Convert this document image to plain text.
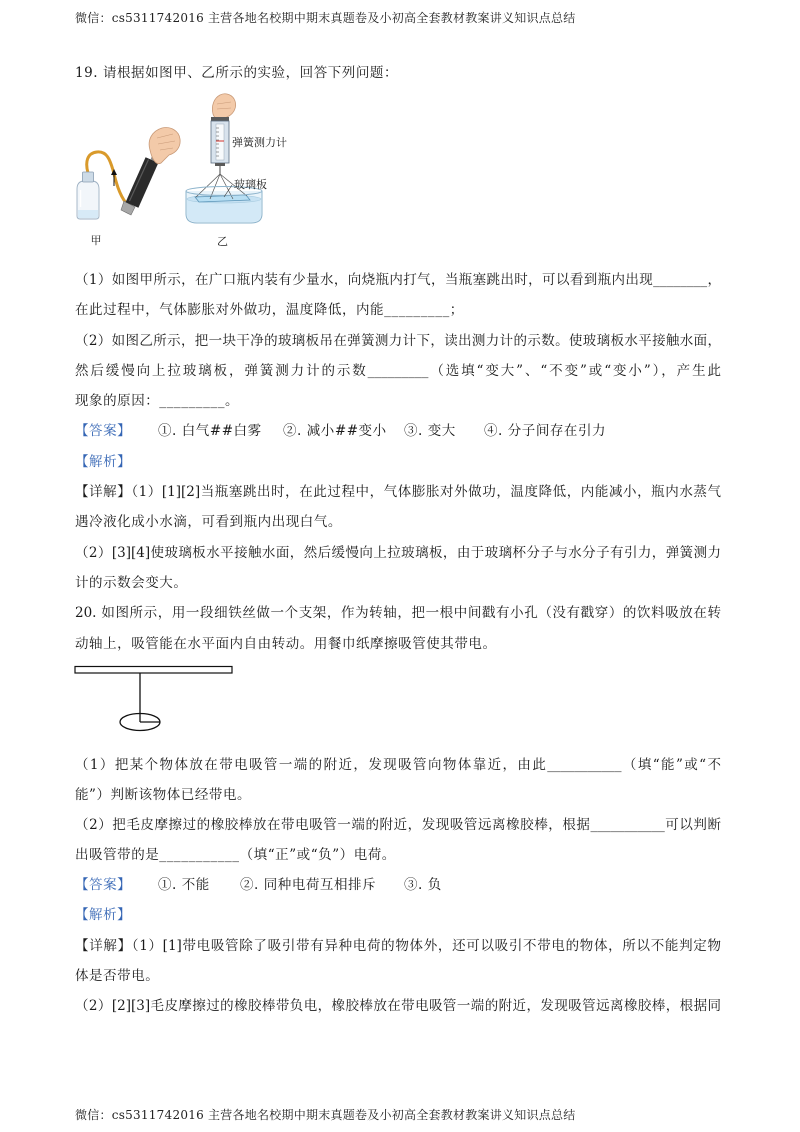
微信：cs5311742016 主营各地名校期中期末真题卷及小初高全套教材教案讲义知识点总结
19. 请根据如图甲、乙所示的实验，回答下列问题：
甲
弹簧测力计
玻璃板
乙
（1）如图甲所示，在广口瓶内装有少量水，向烧瓶内打气，当瓶塞跳出时，可以看到瓶内出现________，
在此过程中，气体膨胀对外做功，温度降低，内能_________；
（2）如图乙所示，把一块干净的玻璃板吊在弹簧测力计下，读出测力计的示数。使玻璃板水平接触水面，
然后缓慢向上拉玻璃板，弹簧测力计的示数_________（选填“变大”、“不变”或“变小”），产生此
现象的原因：_________。
【答案】 ①. 白气##白雾 ②. 减小##变小 ③. 变大 ④. 分子间存在引力
【解析】
【详解】（1）[1][2]当瓶塞跳出时，在此过程中，气体膨胀对外做功，温度降低，内能减小，瓶内水蒸气
遇冷液化成小水滴，可看到瓶内出现白气。
（2）[3][4]使玻璃板水平接触水面，然后缓慢向上拉玻璃板，由于玻璃杯分子与水分子有引力，弹簧测力
计的示数会变大。
20. 如图所示，用一段细铁丝做一个支架，作为转轴，把一根中间戳有小孔（没有戳穿）的饮料吸放在转
动轴上，吸管能在水平面内自由转动。用餐巾纸摩擦吸管使其带电。
（1）把某个物体放在带电吸管一端的附近，发现吸管向物体靠近，由此___________（填“能”或“不
能”）判断该物体已经带电。
（2）把毛皮摩擦过的橡胶棒放在带电吸管一端的附近，发现吸管远离橡胶棒，根据___________可以判断
出吸管带的是___________（填“正”或“负”）电荷。
【答案】 ①. 不能 ②. 同种电荷互相排斥 ③. 负
【解析】
【详解】（1）[1]带电吸管除了吸引带有异种电荷的物体外，还可以吸引不带电的物体，所以不能判定物
体是否带电。
（2）[2][3]毛皮摩擦过的橡胶棒带负电，橡胶棒放在带电吸管一端的附近，发现吸管远离橡胶棒，根据同
微信：cs5311742016 主营各地名校期中期末真题卷及小初高全套教材教案讲义知识点总结
